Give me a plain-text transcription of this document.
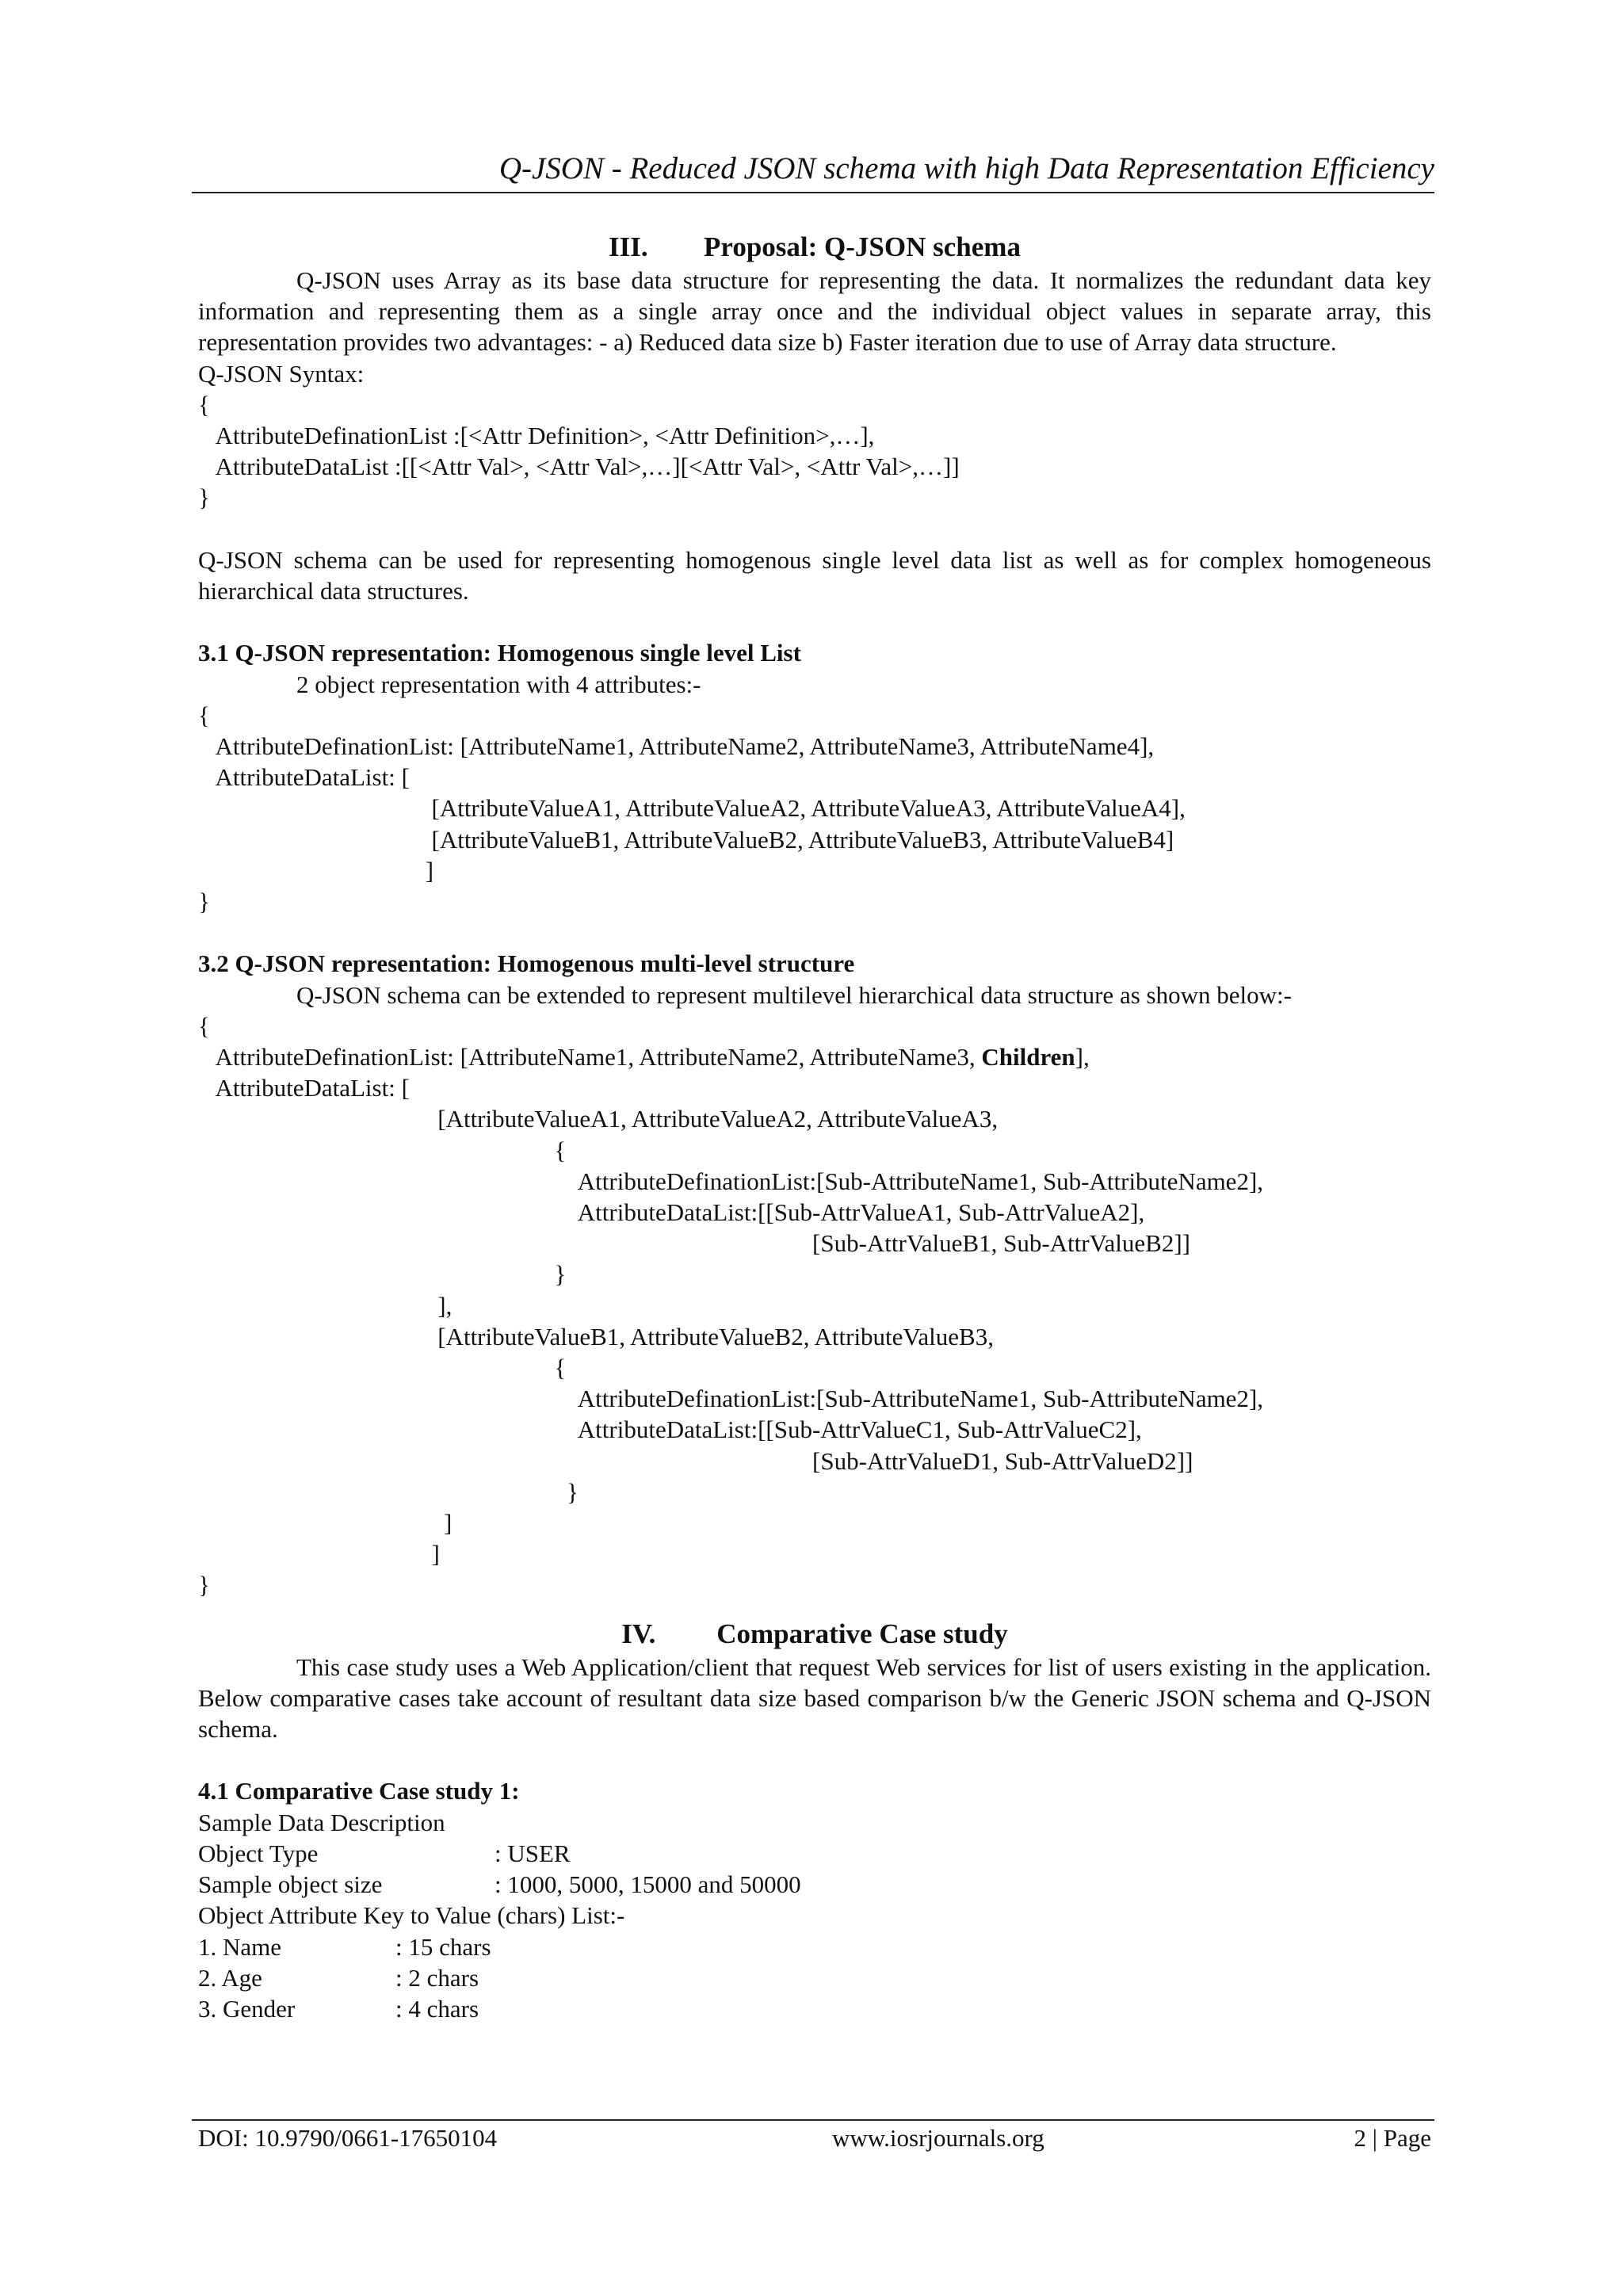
Q-JSON - Reduced JSON schema with high Data Representation Efficiency

III. Proposal: Q-JSON schema

Q-JSON uses Array as its base data structure for representing the data. It normalizes the redundant data key information and representing them as a single array once and the individual object values in separate array, this representation provides two advantages: - a) Reduced data size b) Faster iteration due to use of Array data structure.

Q-JSON Syntax:

{

AttributeDefinationList :[<Attr Definition>, <Attr Definition>,…],

AttributeDataList :[[<Attr Val>, <Attr Val>,…][<Attr Val>, <Attr Val>,…]]

}

Q-JSON schema can be used for representing homogenous single level data list as well as for complex homogeneous hierarchical data structures.

3.1 Q-JSON representation: Homogenous single level List

2 object representation with 4 attributes:-

{

AttributeDefinationList: [AttributeName1, AttributeName2, AttributeName3, AttributeName4],

AttributeDataList: [

[AttributeValueA1, AttributeValueA2, AttributeValueA3, AttributeValueA4],

[AttributeValueB1, AttributeValueB2, AttributeValueB3, AttributeValueB4]

]

}

3.2 Q-JSON representation: Homogenous multi-level structure

Q-JSON schema can be extended to represent multilevel hierarchical data structure as shown below:-

{

AttributeDefinationList: [AttributeName1, AttributeName2, AttributeName3, Children],

AttributeDataList: [

[AttributeValueA1, AttributeValueA2, AttributeValueA3,

{

AttributeDefinationList:[Sub-AttributeName1, Sub-AttributeName2],

AttributeDataList:[[Sub-AttrValueA1, Sub-AttrValueA2],

[Sub-AttrValueB1, Sub-AttrValueB2]]

}

],

[AttributeValueB1, AttributeValueB2, AttributeValueB3,

{

AttributeDefinationList:[Sub-AttributeName1, Sub-AttributeName2],

AttributeDataList:[[Sub-AttrValueC1, Sub-AttrValueC2],

[Sub-AttrValueD1, Sub-AttrValueD2]]

}

]

]

}

IV. Comparative Case study

This case study uses a Web Application/client that request Web services for list of users existing in the application. Below comparative cases take account of resultant data size based comparison b/w the Generic JSON schema and Q-JSON schema.

4.1 Comparative Case study 1:

Sample Data Description

Object Type	: USER
Sample object size	: 1000, 5000, 15000 and 50000

Object Attribute Key to Value (chars) List:-

1. Name	: 15 chars
2. Age	: 2 chars
3. Gender	: 4 chars
DOI: 10.9790/0661-17650104	www.iosrjournals.org	2 | Page
